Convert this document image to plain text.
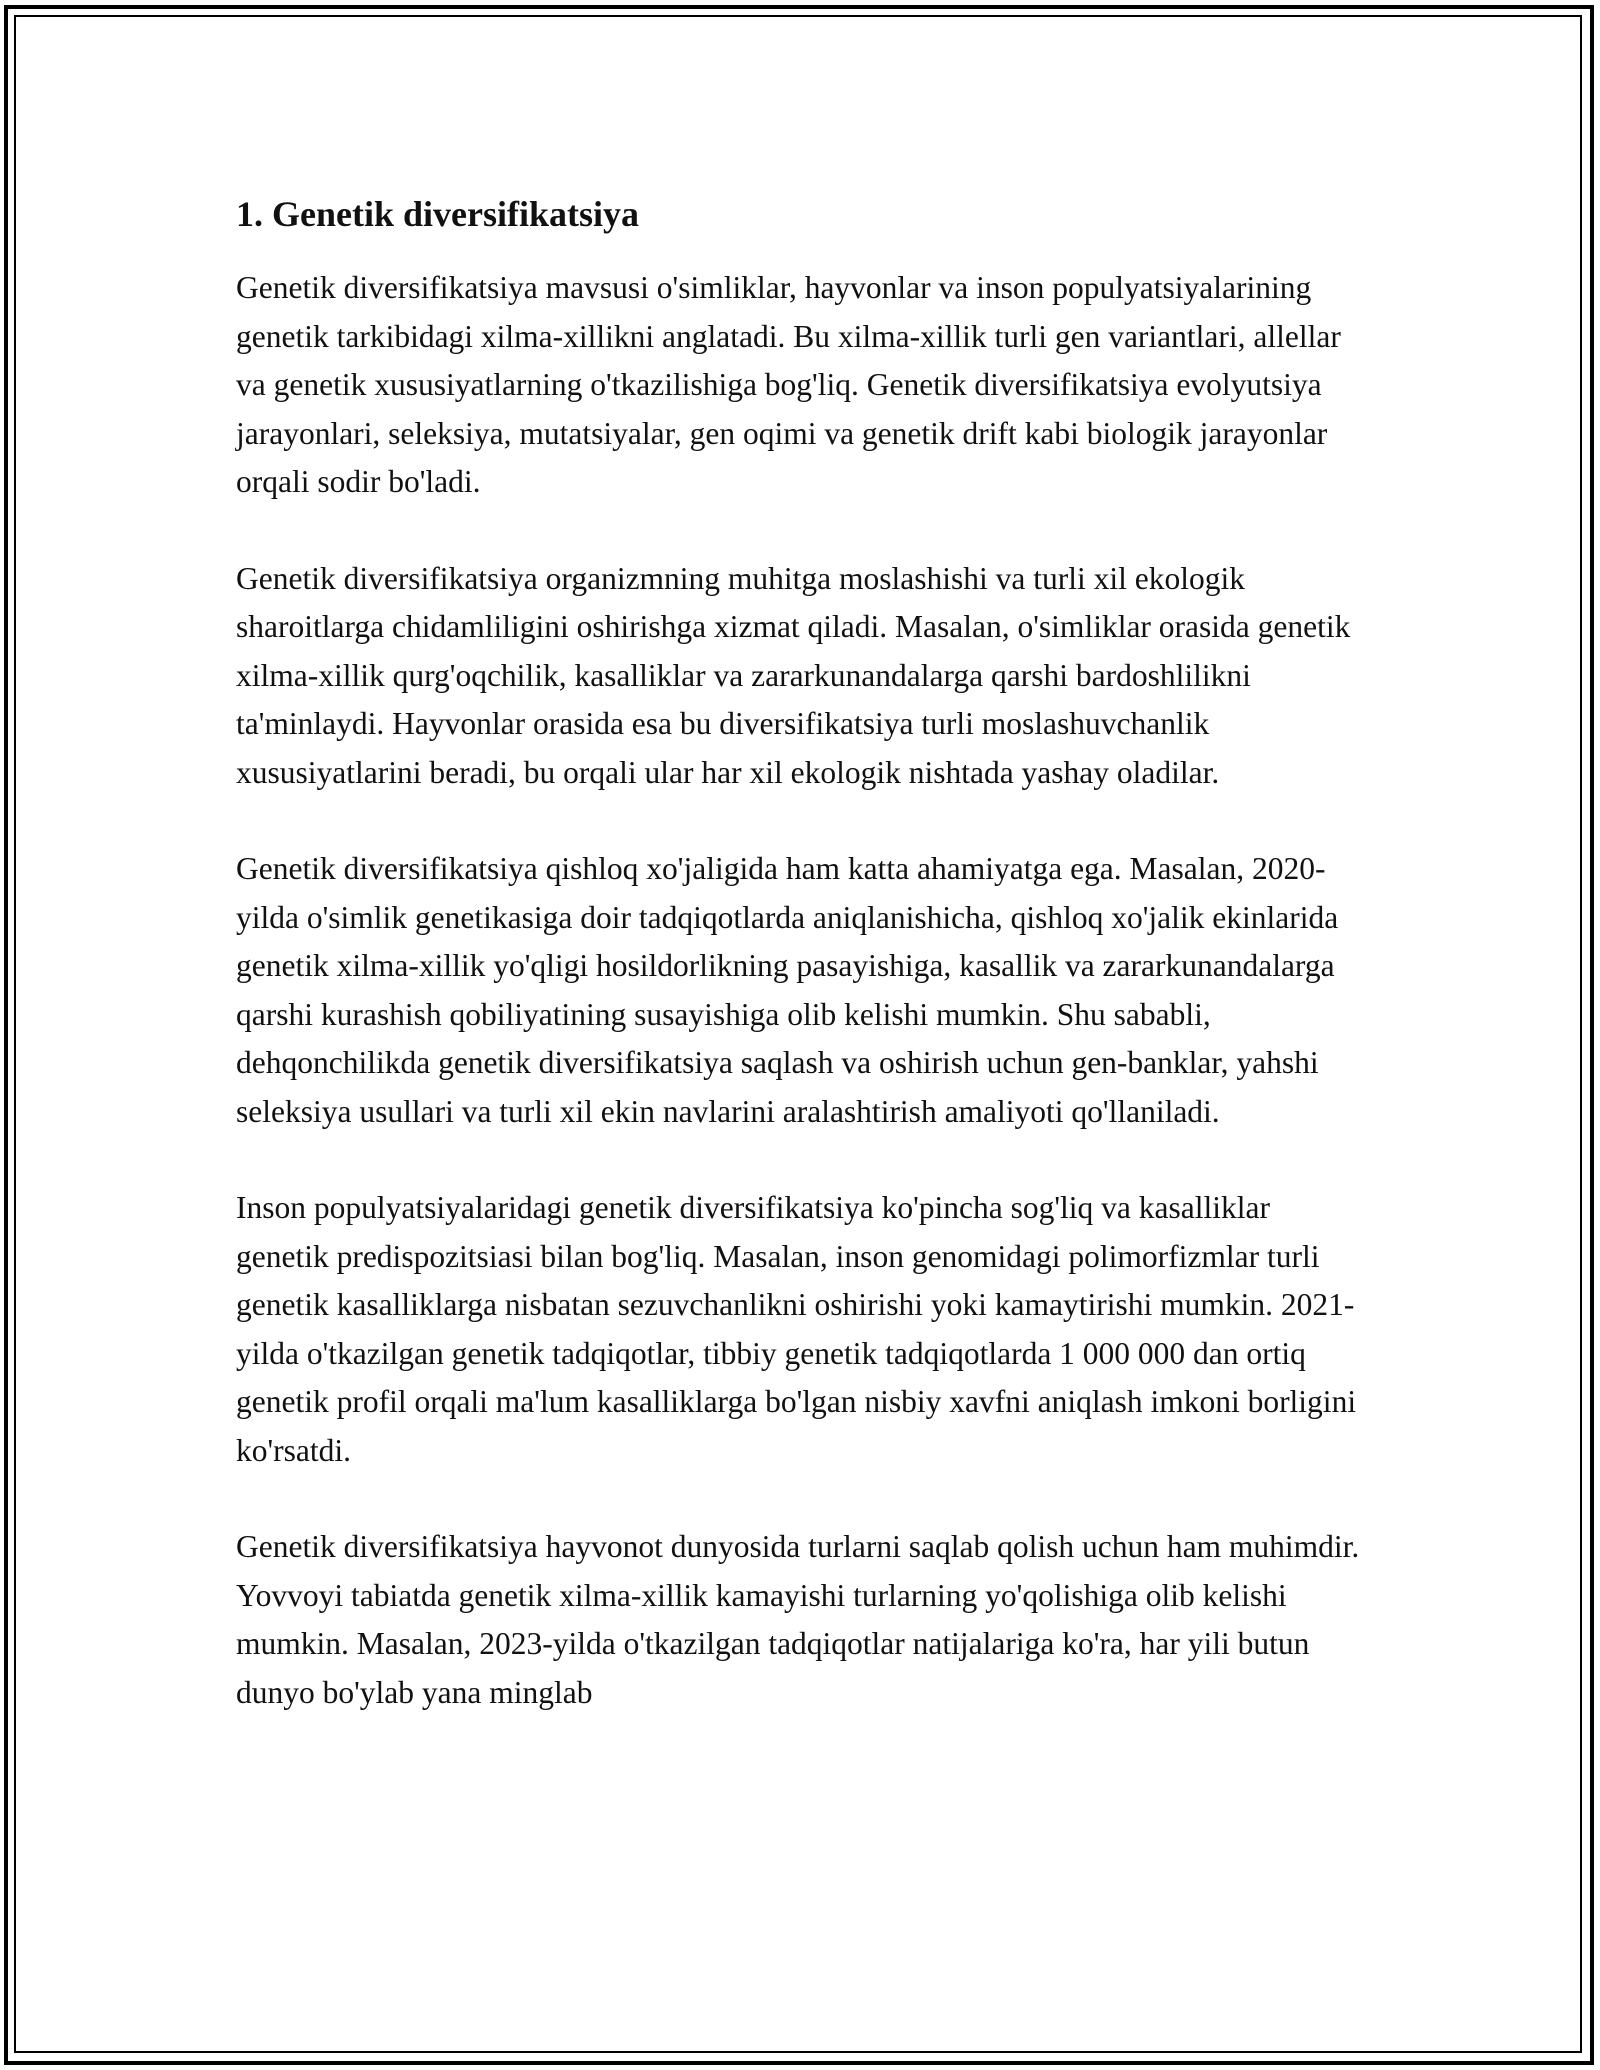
1. Genetik diversifikatsiya

Genetik diversifikatsiya mavsusi o'simliklar, hayvonlar va inson populyatsiyalarining genetik tarkibidagi xilma-xillikni anglatadi. Bu xilma-xillik turli gen variantlari, allellar va genetik xususiyatlarning o'tkazilishiga bog'liq. Genetik diversifikatsiya evolyutsiya jarayonlari, seleksiya, mutatsiyalar, gen oqimi va genetik drift kabi biologik jarayonlar orqali sodir bo'ladi.

Genetik diversifikatsiya organizmning muhitga moslashishi va turli xil ekologik sharoitlarga chidamliligini oshirishga xizmat qiladi. Masalan, o'simliklar orasida genetik xilma-xillik qurg'oqchilik, kasalliklar va zararkunandalarga qarshi bardoshlilikni ta'minlaydi. Hayvonlar orasida esa bu diversifikatsiya turli moslashuvchanlik xususiyatlarini beradi, bu orqali ular har xil ekologik nishtada yashay oladilar.

Genetik diversifikatsiya qishloq xo'jaligida ham katta ahamiyatga ega. Masalan, 2020-yilda o'simlik genetikasiga doir tadqiqotlarda aniqlanishicha, qishloq xo'jalik ekinlarida genetik xilma-xillik yo'qligi hosildorlikning pasayishiga, kasallik va zararkunandalarga qarshi kurashish qobiliyatining susayishiga olib kelishi mumkin. Shu sababli, dehqonchilikda genetik diversifikatsiya saqlash va oshirish uchun gen-banklar, yahshi seleksiya usullari va turli xil ekin navlarini aralashtirish amaliyoti qo'llaniladi.

Inson populyatsiyalaridagi genetik diversifikatsiya ko'pincha sog'liq va kasalliklar genetik predispozitsiasi bilan bog'liq. Masalan, inson genomidagi polimorfizmlar turli genetik kasalliklarga nisbatan sezuvchanlikni oshirishi yoki kamaytirishi mumkin. 2021-yilda o'tkazilgan genetik tadqiqotlar, tibbiy genetik tadqiqotlarda 1 000 000 dan ortiq genetik profil orqali ma'lum kasalliklarga bo'lgan nisbiy xavfni aniqlash imkoni borligini ko'rsatdi.

Genetik diversifikatsiya hayvonot dunyosida turlarni saqlab qolish uchun ham muhimdir. Yovvoyi tabiatda genetik xilma-xillik kamayishi turlarning yo'qolishiga olib kelishi mumkin. Masalan, 2023-yilda o'tkazilgan tadqiqotlar natijalariga ko'ra, har yili butun dunyo bo'ylab yana minglab
